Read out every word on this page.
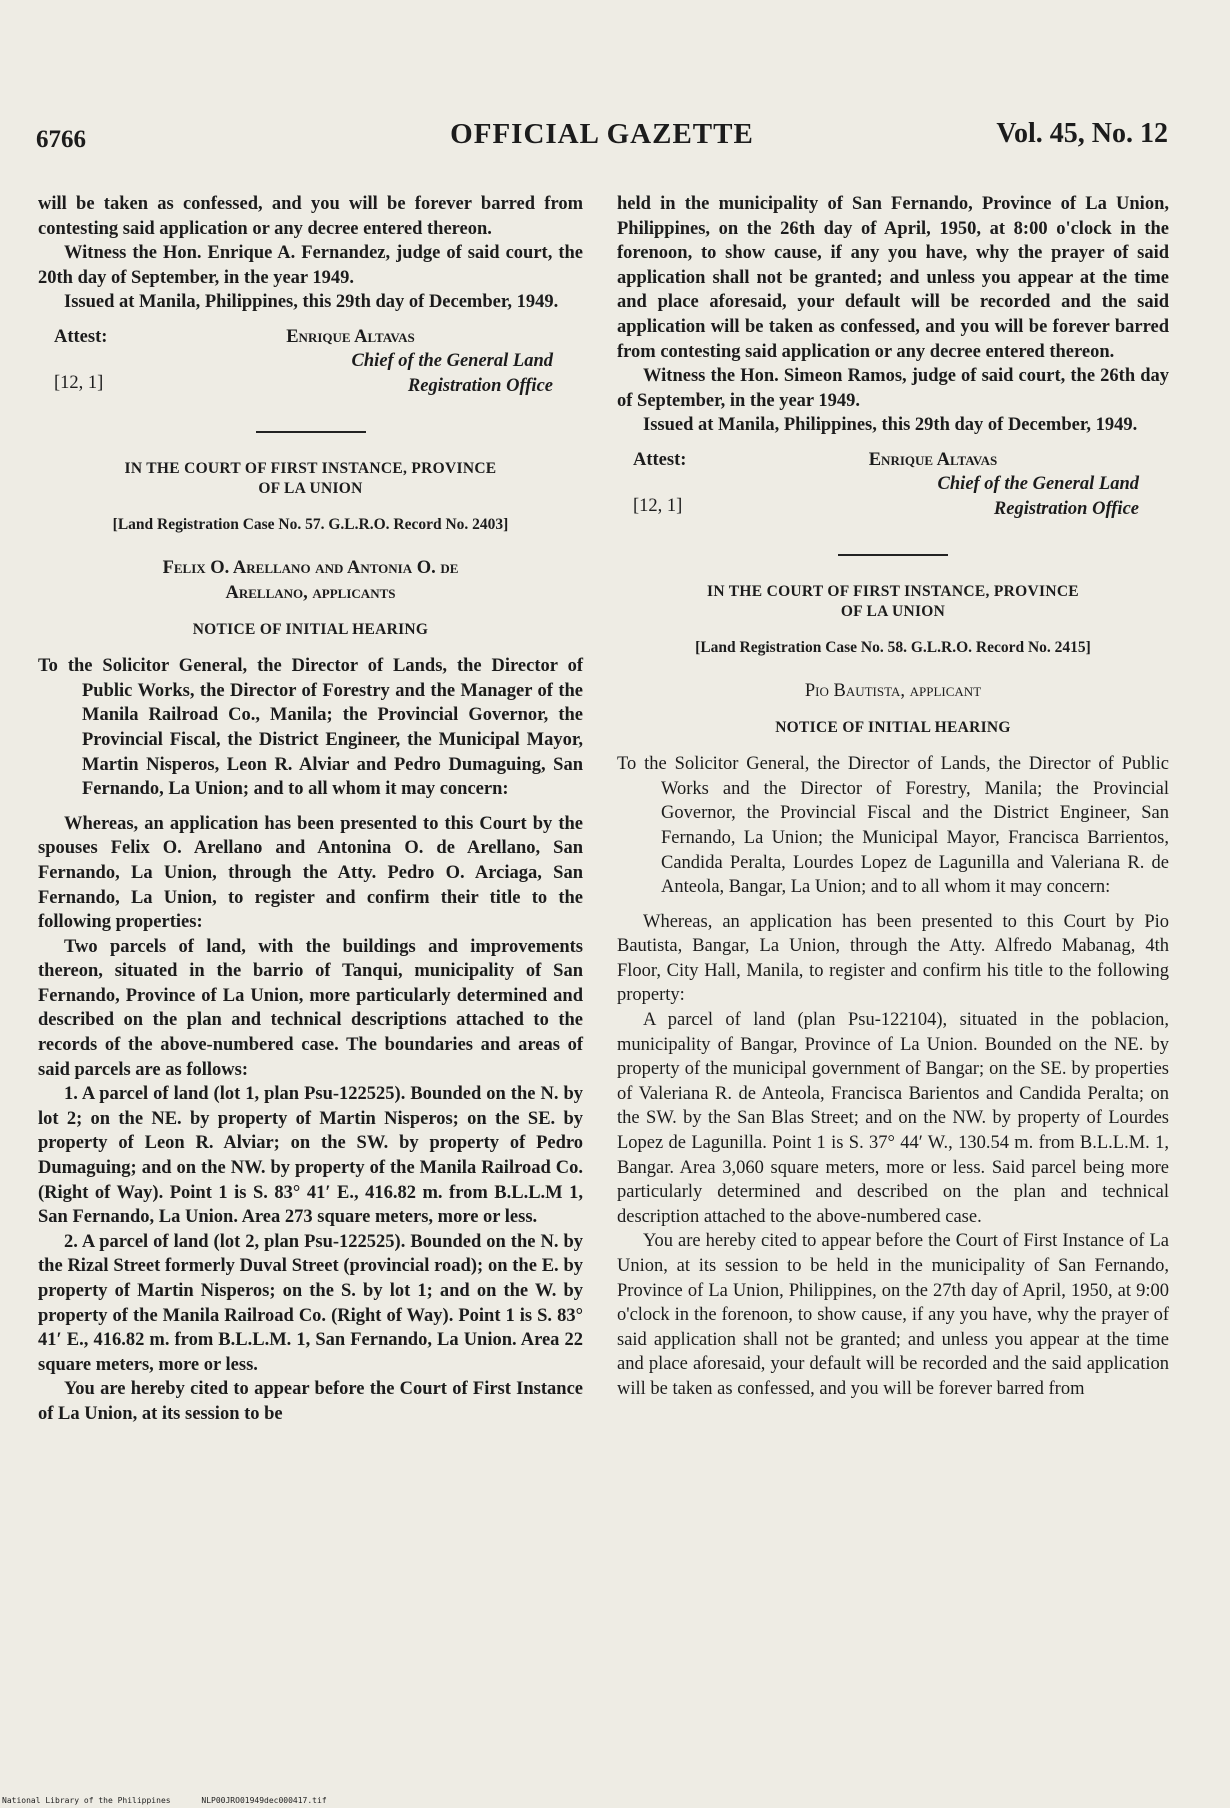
6766	OFFICIAL GAZETTE	Vol. 45, No. 12

will be taken as confessed, and you will be forever barred from contesting said application or any decree entered thereon.

Witness the Hon. Enrique A. Fernandez, judge of said court, the 20th day of September, in the year 1949.

Issued at Manila, Philippines, this 29th day of December, 1949.

Attest:	Enrique Altavas
Chief of the General Land
Registration Office
[12, 1]
IN THE COURT OF FIRST INSTANCE, PROVINCE
OF LA UNION
[Land Registration Case No. 57. G.L.R.O. Record No. 2403]
Felix O. Arellano and Antonia O. de
Arellano, applicants
NOTICE OF INITIAL HEARING

To the Solicitor General, the Director of Lands, the Director of Public Works, the Director of Forestry and the Manager of the Manila Railroad Co., Manila; the Provincial Governor, the Provincial Fiscal, the District Engineer, the Municipal Mayor, Martin Nisperos, Leon R. Alviar and Pedro Dumaguing, San Fernando, La Union; and to all whom it may concern:

Whereas, an application has been presented to this Court by the spouses Felix O. Arellano and Antonina O. de Arellano, San Fernando, La Union, through the Atty. Pedro O. Arciaga, San Fernando, La Union, to register and confirm their title to the following properties:

Two parcels of land, with the buildings and improvements thereon, situated in the barrio of Tanqui, municipality of San Fernando, Province of La Union, more particularly determined and described on the plan and technical descriptions attached to the records of the above-numbered case. The boundaries and areas of said parcels are as follows:

1. A parcel of land (lot 1, plan Psu-122525). Bounded on the N. by lot 2; on the NE. by property of Martin Nisperos; on the SE. by property of Leon R. Alviar; on the SW. by property of Pedro Dumaguing; and on the NW. by property of the Manila Railroad Co. (Right of Way). Point 1 is S. 83° 41′ E., 416.82 m. from B.L.L.M 1, San Fernando, La Union. Area 273 square meters, more or less.

2. A parcel of land (lot 2, plan Psu-122525). Bounded on the N. by the Rizal Street formerly Duval Street (provincial road); on the E. by property of Martin Nisperos; on the S. by lot 1; and on the W. by property of the Manila Railroad Co. (Right of Way). Point 1 is S. 83° 41′ E., 416.82 m. from B.L.L.M. 1, San Fernando, La Union. Area 22 square meters, more or less.

You are hereby cited to appear before the Court of First Instance of La Union, at its session to be

held in the municipality of San Fernando, Province of La Union, Philippines, on the 26th day of April, 1950, at 8:00 o'clock in the forenoon, to show cause, if any you have, why the prayer of said application shall not be granted; and unless you appear at the time and place aforesaid, your default will be recorded and the said application will be taken as confessed, and you will be forever barred from contesting said application or any decree entered thereon.

Witness the Hon. Simeon Ramos, judge of said court, the 26th day of September, in the year 1949.

Issued at Manila, Philippines, this 29th day of December, 1949.

Attest:	Enrique Altavas
Chief of the General Land
Registration Office
[12, 1]
IN THE COURT OF FIRST INSTANCE, PROVINCE
OF LA UNION
[Land Registration Case No. 58. G.L.R.O. Record No. 2415]
Pio Bautista, applicant
NOTICE OF INITIAL HEARING

To the Solicitor General, the Director of Lands, the Director of Public Works and the Director of Forestry, Manila; the Provincial Governor, the Provincial Fiscal and the District Engineer, San Fernando, La Union; the Municipal Mayor, Francisca Barrientos, Candida Peralta, Lourdes Lopez de Lagunilla and Valeriana R. de Anteola, Bangar, La Union; and to all whom it may concern:

Whereas, an application has been presented to this Court by Pio Bautista, Bangar, La Union, through the Atty. Alfredo Mabanag, 4th Floor, City Hall, Manila, to register and confirm his title to the following property:

A parcel of land (plan Psu-122104), situated in the poblacion, municipality of Bangar, Province of La Union. Bounded on the NE. by property of the municipal government of Bangar; on the SE. by properties of Valeriana R. de Anteola, Francisca Barientos and Candida Peralta; on the SW. by the San Blas Street; and on the NW. by property of Lourdes Lopez de Lagunilla. Point 1 is S. 37° 44′ W., 130.54 m. from B.L.L.M. 1, Bangar. Area 3,060 square meters, more or less. Said parcel being more particularly determined and described on the plan and technical description attached to the above-numbered case.

You are hereby cited to appear before the Court of First Instance of La Union, at its session to be held in the municipality of San Fernando, Province of La Union, Philippines, on the 27th day of April, 1950, at 9:00 o'clock in the forenoon, to show cause, if any you have, why the prayer of said application shall not be granted; and unless you appear at the time and place aforesaid, your default will be recorded and the said application will be taken as confessed, and you will be forever barred from

National Library of the Philippines	NLP00JRO01949dec000417.tif
